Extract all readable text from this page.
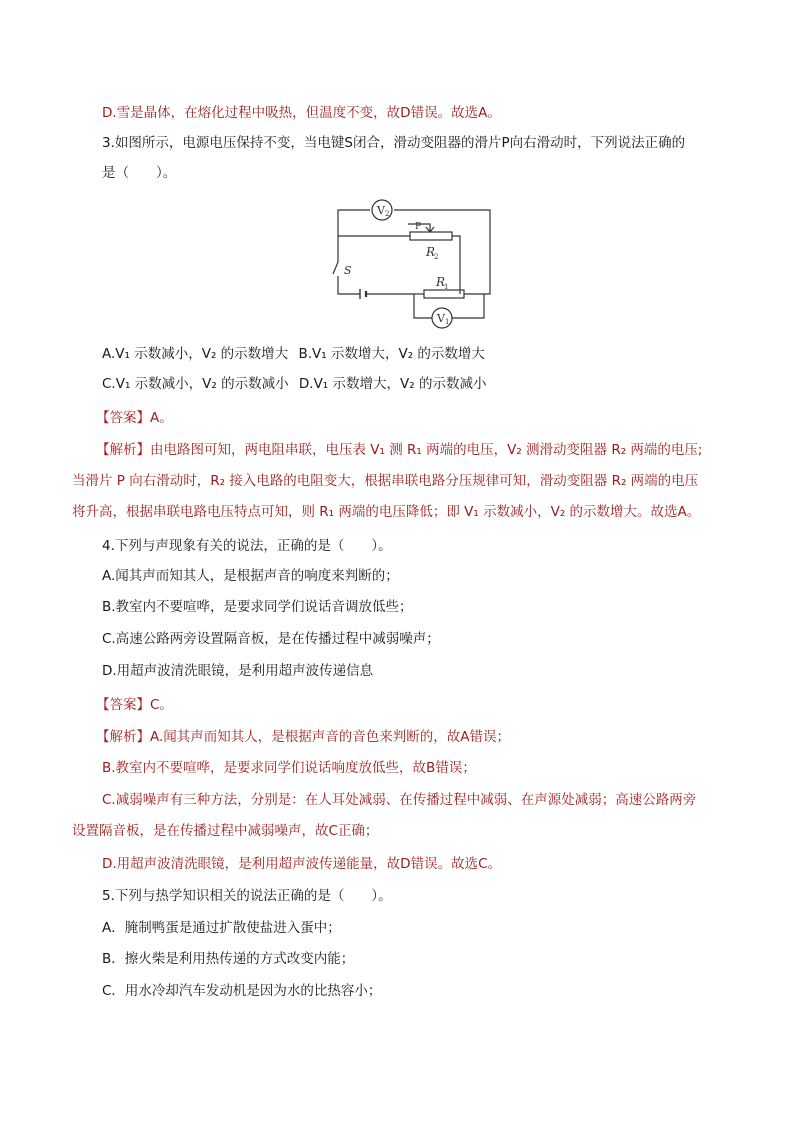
D.雪是晶体，在熔化过程中吸热，但温度不变，故D错误。故选A。
3.如图所示，电源电压保持不变，当电键S闭合，滑动变阻器的滑片P向右滑动时，下列说法正确的
是（　　）。
V 2
P
R
2
S
R
1
V 1
A.V₁ 示数减小，V₂ 的示数增大 B.V₁ 示数增大，V₂ 的示数增大
C.V₁ 示数减小，V₂ 的示数减小 D.V₁ 示数增大，V₂ 的示数减小
【答案】A。
【解析】由电路图可知，两电阻串联，电压表 V₁ 测 R₁ 两端的电压，V₂ 测滑动变阻器 R₂ 两端的电压;
当滑片 P 向右滑动时，R₂ 接入电路的电阻变大，根据串联电路分压规律可知，滑动变阻器 R₂ 两端的电压
将升高，根据串联电路电压特点可知，则 R₁ 两端的电压降低；即 V₁ 示数减小，V₂ 的示数增大。故选A。
4.下列与声现象有关的说法，正确的是（　　）。
A.闻其声而知其人，是根据声音的响度来判断的；
B.教室内不要喧哗，是要求同学们说话音调放低些；
C.高速公路两旁设置隔音板，是在传播过程中减弱噪声；
D.用超声波清洗眼镜，是利用超声波传递信息
【答案】C。
【解析】A.闻其声而知其人，是根据声音的音色来判断的，故A错误；
B.教室内不要喧哗，是要求同学们说话响度放低些，故B错误；
C.减弱噪声有三种方法，分别是：在人耳处减弱、在传播过程中减弱、在声源处减弱；高速公路两旁
设置隔音板，是在传播过程中减弱噪声，故C正确；
D.用超声波清洗眼镜，是利用超声波传递能量，故D错误。故选C。
5.下列与热学知识相关的说法正确的是（　　）。
A．腌制鸭蛋是通过扩散使盐进入蛋中；
B．擦火柴是利用热传递的方式改变内能；
C．用水冷却汽车发动机是因为水的比热容小；
